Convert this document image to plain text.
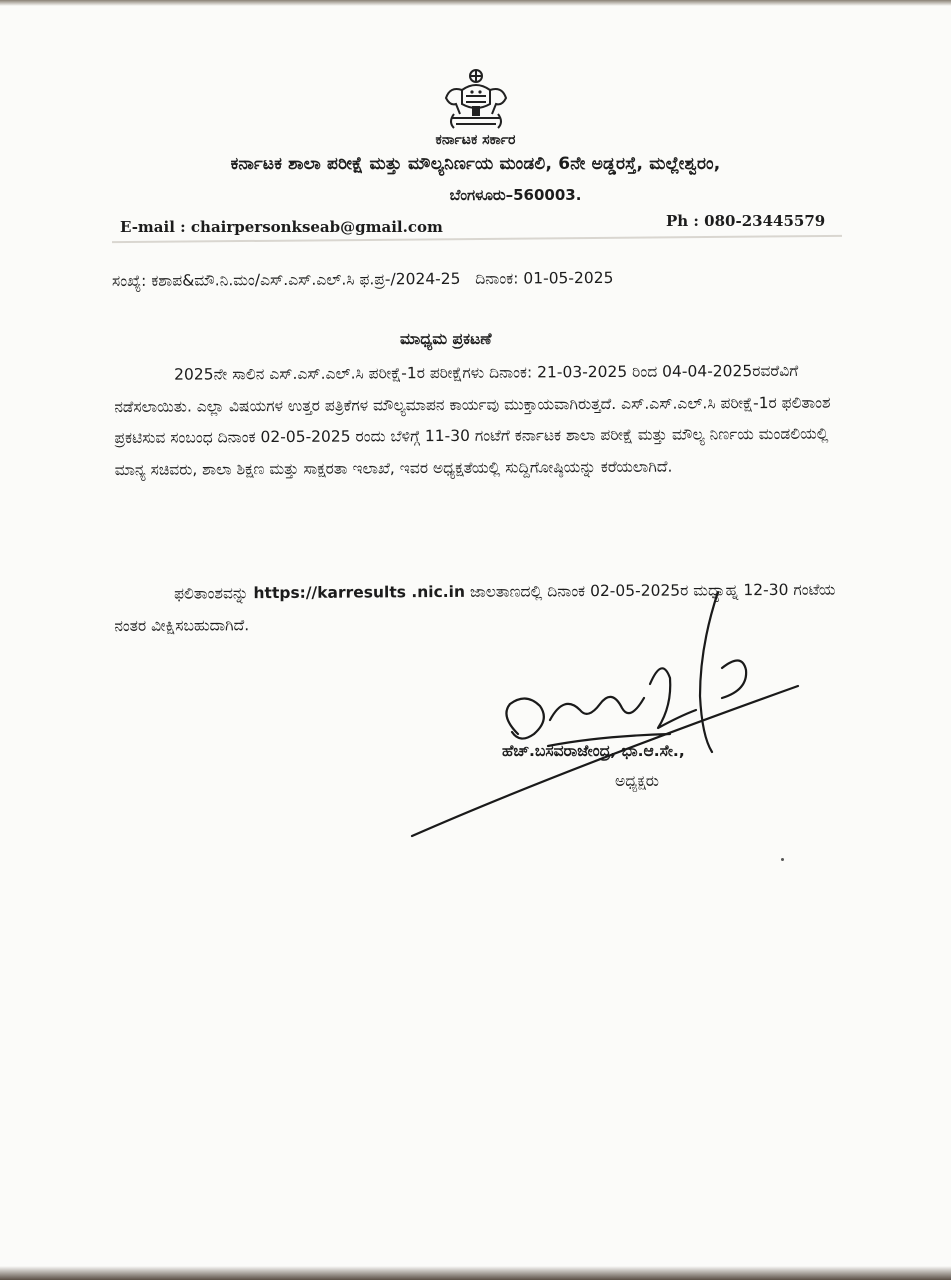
ಕರ್ನಾಟಕ ಸರ್ಕಾರ
ಕರ್ನಾಟಕ ಶಾಲಾ ಪರೀಕ್ಷೆ ಮತ್ತು ಮೌಲ್ಯನಿರ್ಣಯ ಮಂಡಲಿ, 6ನೇ ಅಡ್ಡರಸ್ತೆ, ಮಲ್ಲೇಶ್ವರಂ,
ಬೆಂಗಳೂರು–560003.
E-mail : chairpersonkseab@gmail.com	Ph : 080-23445579
ಸಂಖ್ಯೆ: ಕಶಾಪ&ಮೌ.ನಿ.ಮಂ/ಎಸ್.ಎಸ್.ಎಲ್.ಸಿ ಫ.ಪ್ರ-/2024-25 ದಿನಾಂಕ: 01-05-2025
ಮಾಧ್ಯಮ ಪ್ರಕಟಣೆ
2025ನೇ ಸಾಲಿನ ಎಸ್.ಎಸ್.ಎಲ್.ಸಿ ಪರೀಕ್ಷೆ-1ರ ಪರೀಕ್ಷೆಗಳು ದಿನಾಂಕ: 21-03-2025 ರಿಂದ 04-04-2025ರವರೆವಿಗೆ ನಡೆಸಲಾಯಿತು. ಎಲ್ಲಾ ವಿಷಯಗಳ ಉತ್ತರ ಪತ್ರಿಕೆಗಳ ಮೌಲ್ಯಮಾಪನ ಕಾರ್ಯವು ಮುಕ್ತಾಯವಾಗಿರುತ್ತದೆ. ಎಸ್.ಎಸ್.ಎಲ್.ಸಿ ಪರೀಕ್ಷೆ-1ರ ಫಲಿತಾಂಶ ಪ್ರಕಟಿಸುವ ಸಂಬಂಧ ದಿನಾಂಕ 02-05-2025 ರಂದು ಬೆಳಿಗ್ಗೆ 11-30 ಗಂಟೆಗೆ ಕರ್ನಾಟಕ ಶಾಲಾ ಪರೀಕ್ಷೆ ಮತ್ತು ಮೌಲ್ಯ ನಿರ್ಣಯ ಮಂಡಲಿಯಲ್ಲಿ ಮಾನ್ಯ ಸಚಿವರು, ಶಾಲಾ ಶಿಕ್ಷಣ ಮತ್ತು ಸಾಕ್ಷರತಾ ಇಲಾಖೆ, ಇವರ ಅಧ್ಯಕ್ಷತೆಯಲ್ಲಿ ಸುದ್ದಿಗೋಷ್ಠಿಯನ್ನು ಕರೆಯಲಾಗಿದೆ.
ಫಲಿತಾಂಶವನ್ನು https://karresults .nic.in ಜಾಲತಾಣದಲ್ಲಿ ದಿನಾಂಕ 02-05-2025ರ ಮಧ್ಯಾಹ್ನ 12-30 ಗಂಟೆಯ ನಂತರ ವೀಕ್ಷಿಸಬಹುದಾಗಿದೆ.
ಹೆಚ್.ಬಸವರಾಜೇಂದ್ರ, ಭಾ.ಆ.ಸೇ.,
ಅಧ್ಯಕ್ಷರು
